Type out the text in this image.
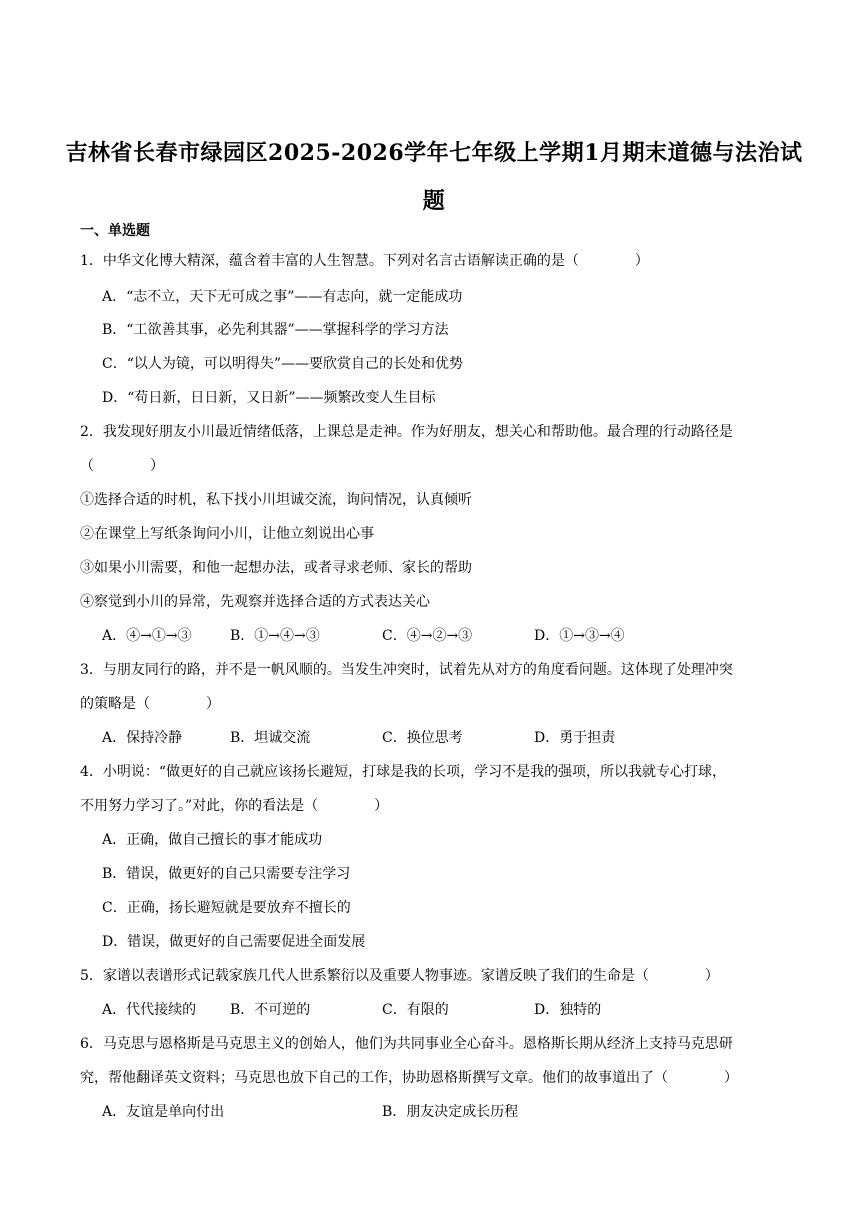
吉林省长春市绿园区2025-2026学年七年级上学期1月期末道德与法治试
题
一、单选题
1．中华文化博大精深，蕴含着丰富的人生智慧。下列对名言古语解读正确的是（　　　　）
A．“志不立，天下无可成之事”——有志向，就一定能成功
B．“工欲善其事，必先利其器”——掌握科学的学习方法
C．“以人为镜，可以明得失”——要欣赏自己的长处和优势
D．“苟日新，日日新，又日新”——频繁改变人生目标
2．我发现好朋友小川最近情绪低落，上课总是走神。作为好朋友，想关心和帮助他。最合理的行动路径是
（　　　　）
①选择合适的时机，私下找小川坦诚交流，询问情况，认真倾听
②在课堂上写纸条询问小川，让他立刻说出心事
③如果小川需要，和他一起想办法，或者寻求老师、家长的帮助
④察觉到小川的异常，先观察并选择合适的方式表达关心
A．④→①→③	B．①→④→③	C．④→②→③	D．①→③→④
3．与朋友同行的路，并不是一帆风顺的。当发生冲突时，试着先从对方的角度看问题。这体现了处理冲突
的策略是（　　　　）
A．保持冷静	B．坦诚交流	C．换位思考	D．勇于担责
4．小明说：“做更好的自己就应该扬长避短，打球是我的长项，学习不是我的强项，所以我就专心打球，
不用努力学习了。”对此，你的看法是（　　　　）
A．正确，做自己擅长的事才能成功
B．错误，做更好的自己只需要专注学习
C．正确，扬长避短就是要放弃不擅长的
D．错误，做更好的自己需要促进全面发展
5．家谱以表谱形式记载家族几代人世系繁衍以及重要人物事迹。家谱反映了我们的生命是（　　　　）
A．代代接续的 B．不可逆的	C．有限的	D．独特的
6．马克思与恩格斯是马克思主义的创始人，他们为共同事业全心奋斗。恩格斯长期从经济上支持马克思研
究，帮他翻译英文资料；马克思也放下自己的工作，协助恩格斯撰写文章。他们的故事道出了（　　　　）
A．友谊是单向付出	B．朋友决定成长历程
